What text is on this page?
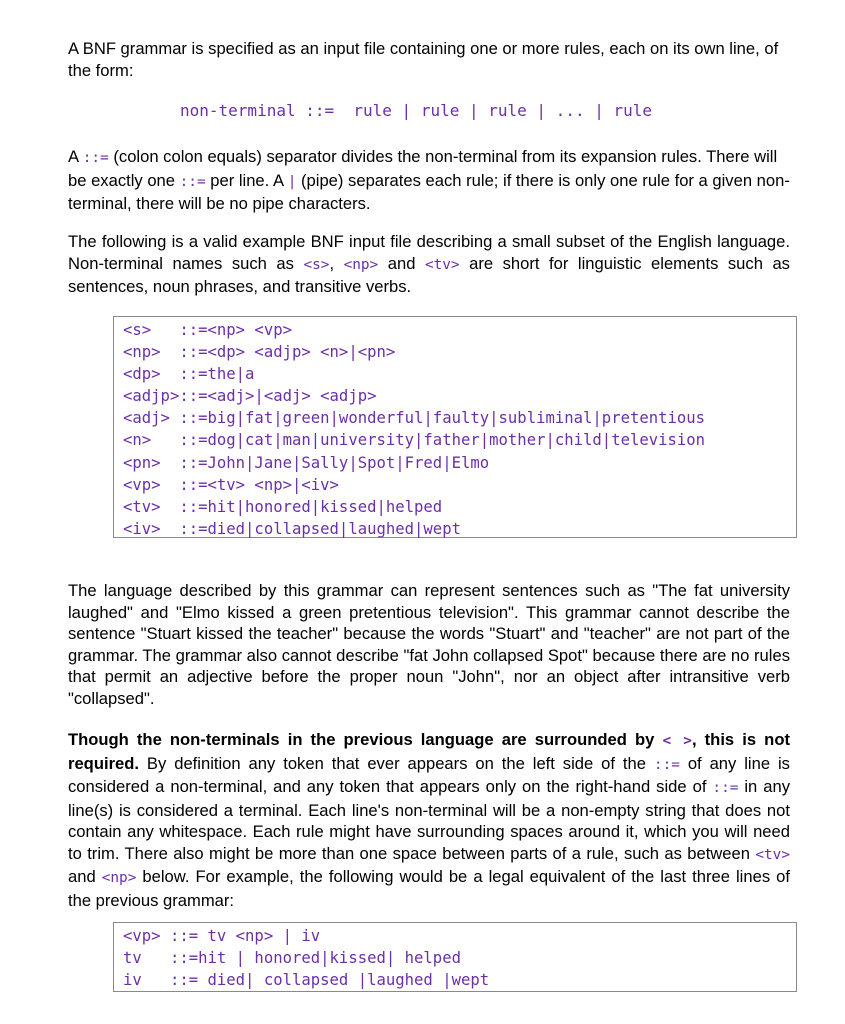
A BNF grammar is specified as an input file containing one or more rules, each on its own line, of the form:

non-terminal ::=  rule | rule | rule | ... | rule

A ::= (colon colon equals) separator divides the non-terminal from its expansion rules. There will be exactly one ::= per line. A | (pipe) separates each rule; if there is only one rule for a given non-terminal, there will be no pipe characters.

The following is a valid example BNF input file describing a small subset of the English language. Non-terminal names such as <s>, <np> and <tv> are short for linguistic elements such as sentences, noun phrases, and transitive verbs.

<s>   ::=<np> <vp>
<np>  ::=<dp> <adjp> <n>|<pn>
<dp>  ::=the|a
<adjp>::=<adj>|<adj> <adjp>
<adj> ::=big|fat|green|wonderful|faulty|subliminal|pretentious
<n>   ::=dog|cat|man|university|father|mother|child|television
<pn>  ::=John|Jane|Sally|Spot|Fred|Elmo
<vp>  ::=<tv> <np>|<iv>
<tv>  ::=hit|honored|kissed|helped
<iv>  ::=died|collapsed|laughed|wept

The language described by this grammar can represent sentences such as "The fat university laughed" and "Elmo kissed a green pretentious television". This grammar cannot describe the sentence "Stuart kissed the teacher" because the words "Stuart" and "teacher" are not part of the grammar. The grammar also cannot describe "fat John collapsed Spot" because there are no rules that permit an adjective before the proper noun "John", nor an object after intransitive verb "collapsed".

Though the non-terminals in the previous language are surrounded by < >, this is not required. By definition any token that ever appears on the left side of the ::= of any line is considered a non-terminal, and any token that appears only on the right-hand side of ::= in any line(s) is considered a terminal. Each line's non-terminal will be a non-empty string that does not contain any whitespace. Each rule might have surrounding spaces around it, which you will need to trim. There also might be more than one space between parts of a rule, such as between <tv> and <np> below. For example, the following would be a legal equivalent of the last three lines of the previous grammar:

<vp> ::= tv <np> | iv
tv   ::=hit | honored|kissed| helped
iv   ::= died| collapsed |laughed |wept
